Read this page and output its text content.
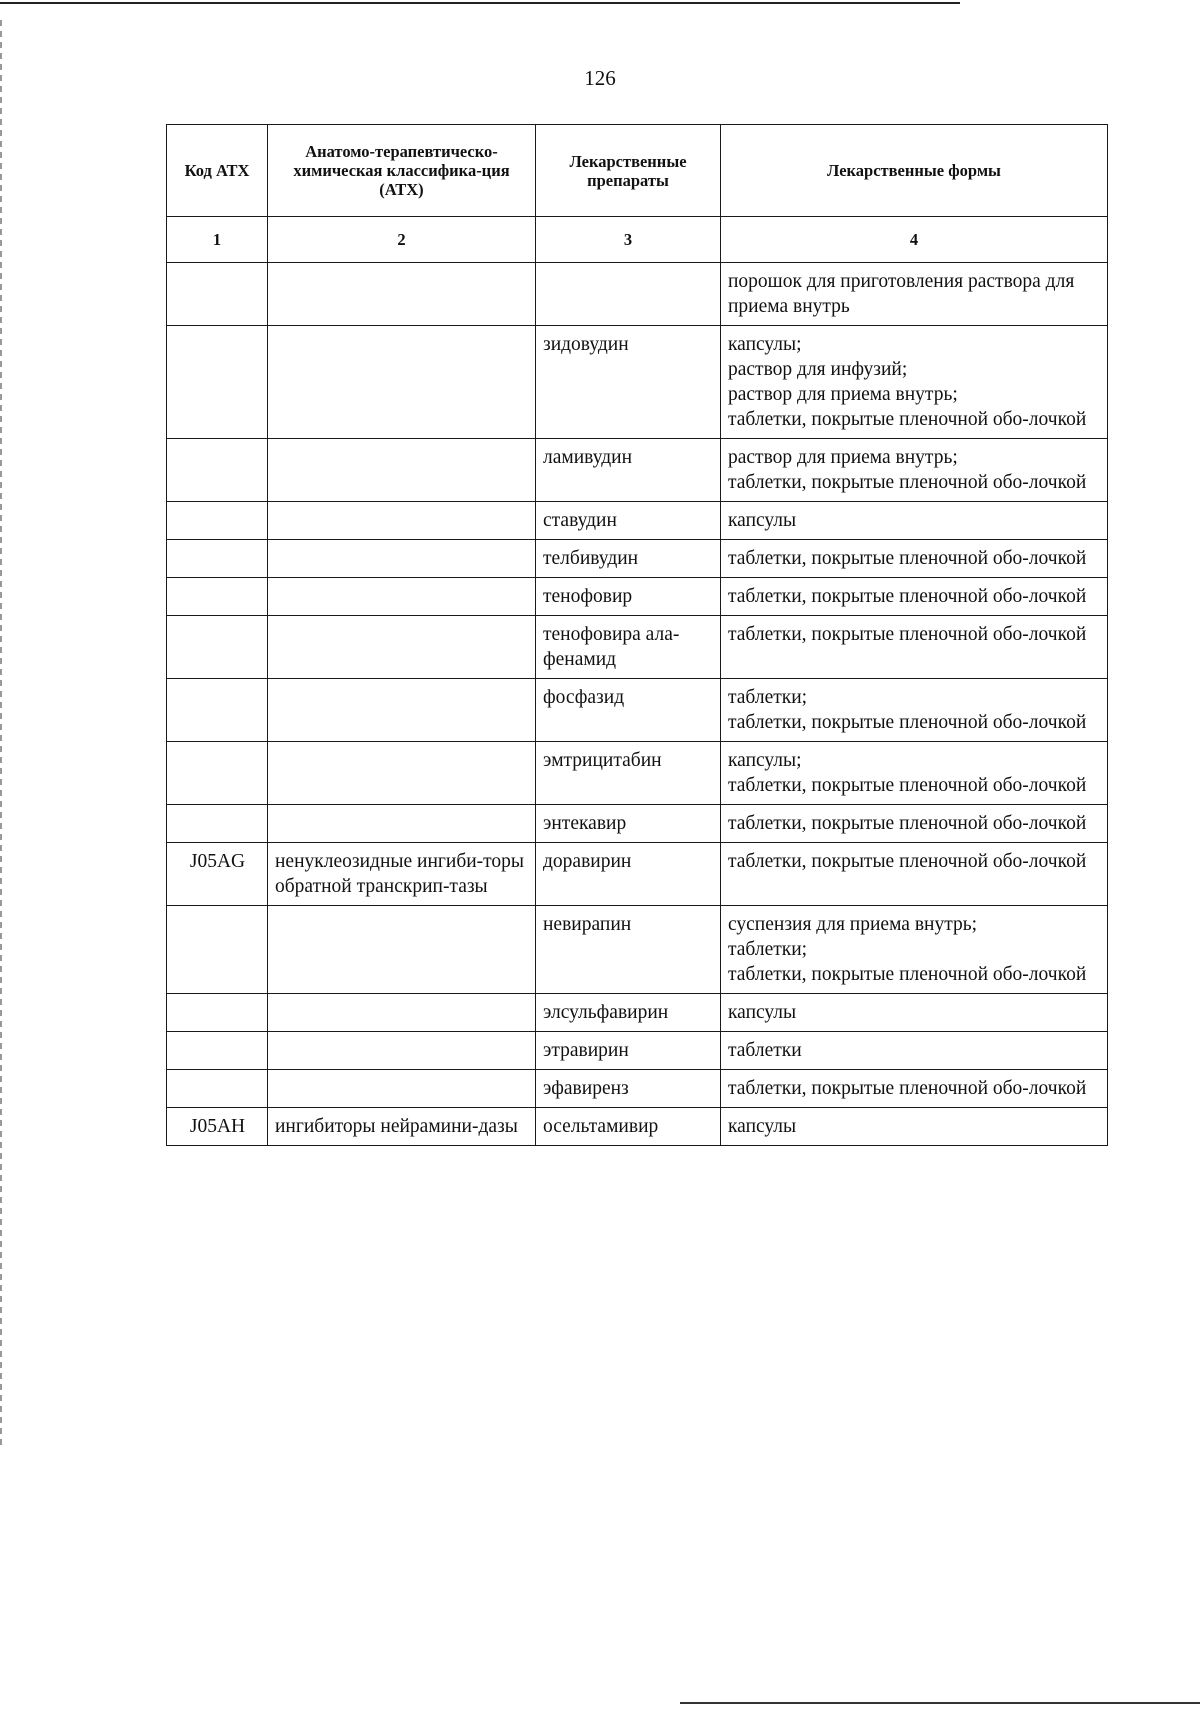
126
Код АТХ	Анатомо-терапевтическо-химическая классифика-ция (АТХ)	Лекарственные препараты	Лекарственные формы
1	2	3	4

			порошок для приготовления раствора для приема внутрь

		зидовудин	капсулы;
раствор для инфузий;
раствор для приема внутрь;
таблетки, покрытые пленочной обо-лочкой

		ламивудин	раствор для приема внутрь;
таблетки, покрытые пленочной обо-лочкой

		ставудин	капсулы

		телбивудин	таблетки, покрытые пленочной обо-лочкой

		тенофовир	таблетки, покрытые пленочной обо-лочкой

		тенофовира ала-фенамид	таблетки, покрытые пленочной обо-лочкой

		фосфазид	таблетки;
таблетки, покрытые пленочной обо-лочкой

		эмтрицитабин	капсулы;
таблетки, покрытые пленочной обо-лочкой

		энтекавир	таблетки, покрытые пленочной обо-лочкой

J05AG	ненуклеозидные ингиби-торы обратной транскрип-тазы	доравирин	таблетки, покрытые пленочной обо-лочкой

		невирапин	суспензия для приема внутрь;
таблетки;
таблетки, покрытые пленочной обо-лочкой

		элсульфавирин	капсулы

		этравирин	таблетки

		эфавиренз	таблетки, покрытые пленочной обо-лочкой

J05AH	ингибиторы нейрамини-дазы	осельтамивир	капсулы
